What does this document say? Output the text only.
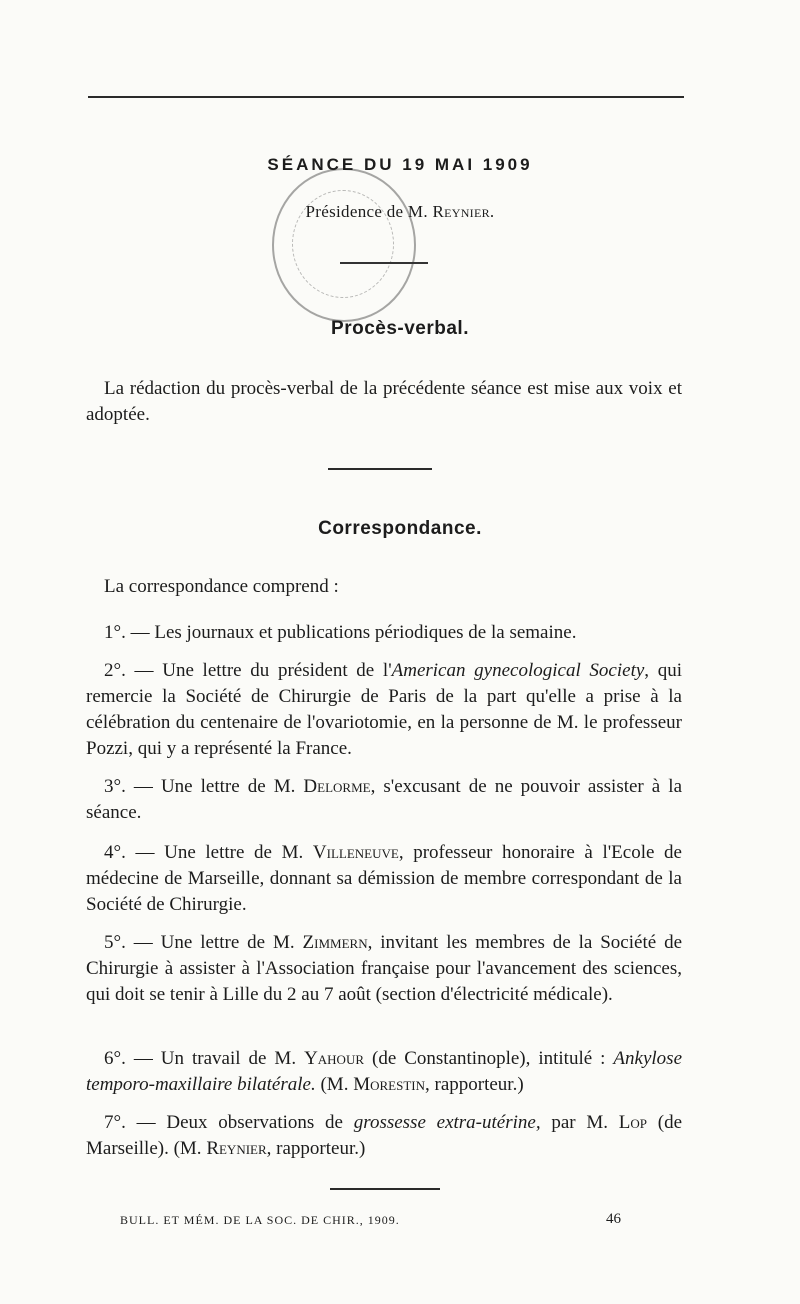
SÉANCE DU 19 MAI 1909
Présidence de M. Reynier.
Procès-verbal.

La rédaction du procès-verbal de la précédente séance est mise aux voix et adoptée.

Correspondance.

La correspondance comprend :

1°. — Les journaux et publications périodiques de la semaine.

2°. — Une lettre du président de l'American gynecological Society, qui remercie la Société de Chirurgie de Paris de la part qu'elle a prise à la célébration du centenaire de l'ovariotomie, en la personne de M. le professeur Pozzi, qui y a représenté la France.

3°. — Une lettre de M. Delorme, s'excusant de ne pouvoir assister à la séance.

4°. — Une lettre de M. Villeneuve, professeur honoraire à l'Ecole de médecine de Marseille, donnant sa démission de membre correspondant de la Société de Chirurgie.

5°. — Une lettre de M. Zimmern, invitant les membres de la Société de Chirurgie à assister à l'Association française pour l'avancement des sciences, qui doit se tenir à Lille du 2 au 7 août (section d'électricité médicale).

6°. — Un travail de M. Yahour (de Constantinople), intitulé : Ankylose temporo-maxillaire bilatérale. (M. Morestin, rapporteur.)

7°. — Deux observations de grossesse extra-utérine, par M. Lop (de Marseille). (M. Reynier, rapporteur.)

BULL. ET MÉM. DE LA SOC. DE CHIR., 1909.	46
